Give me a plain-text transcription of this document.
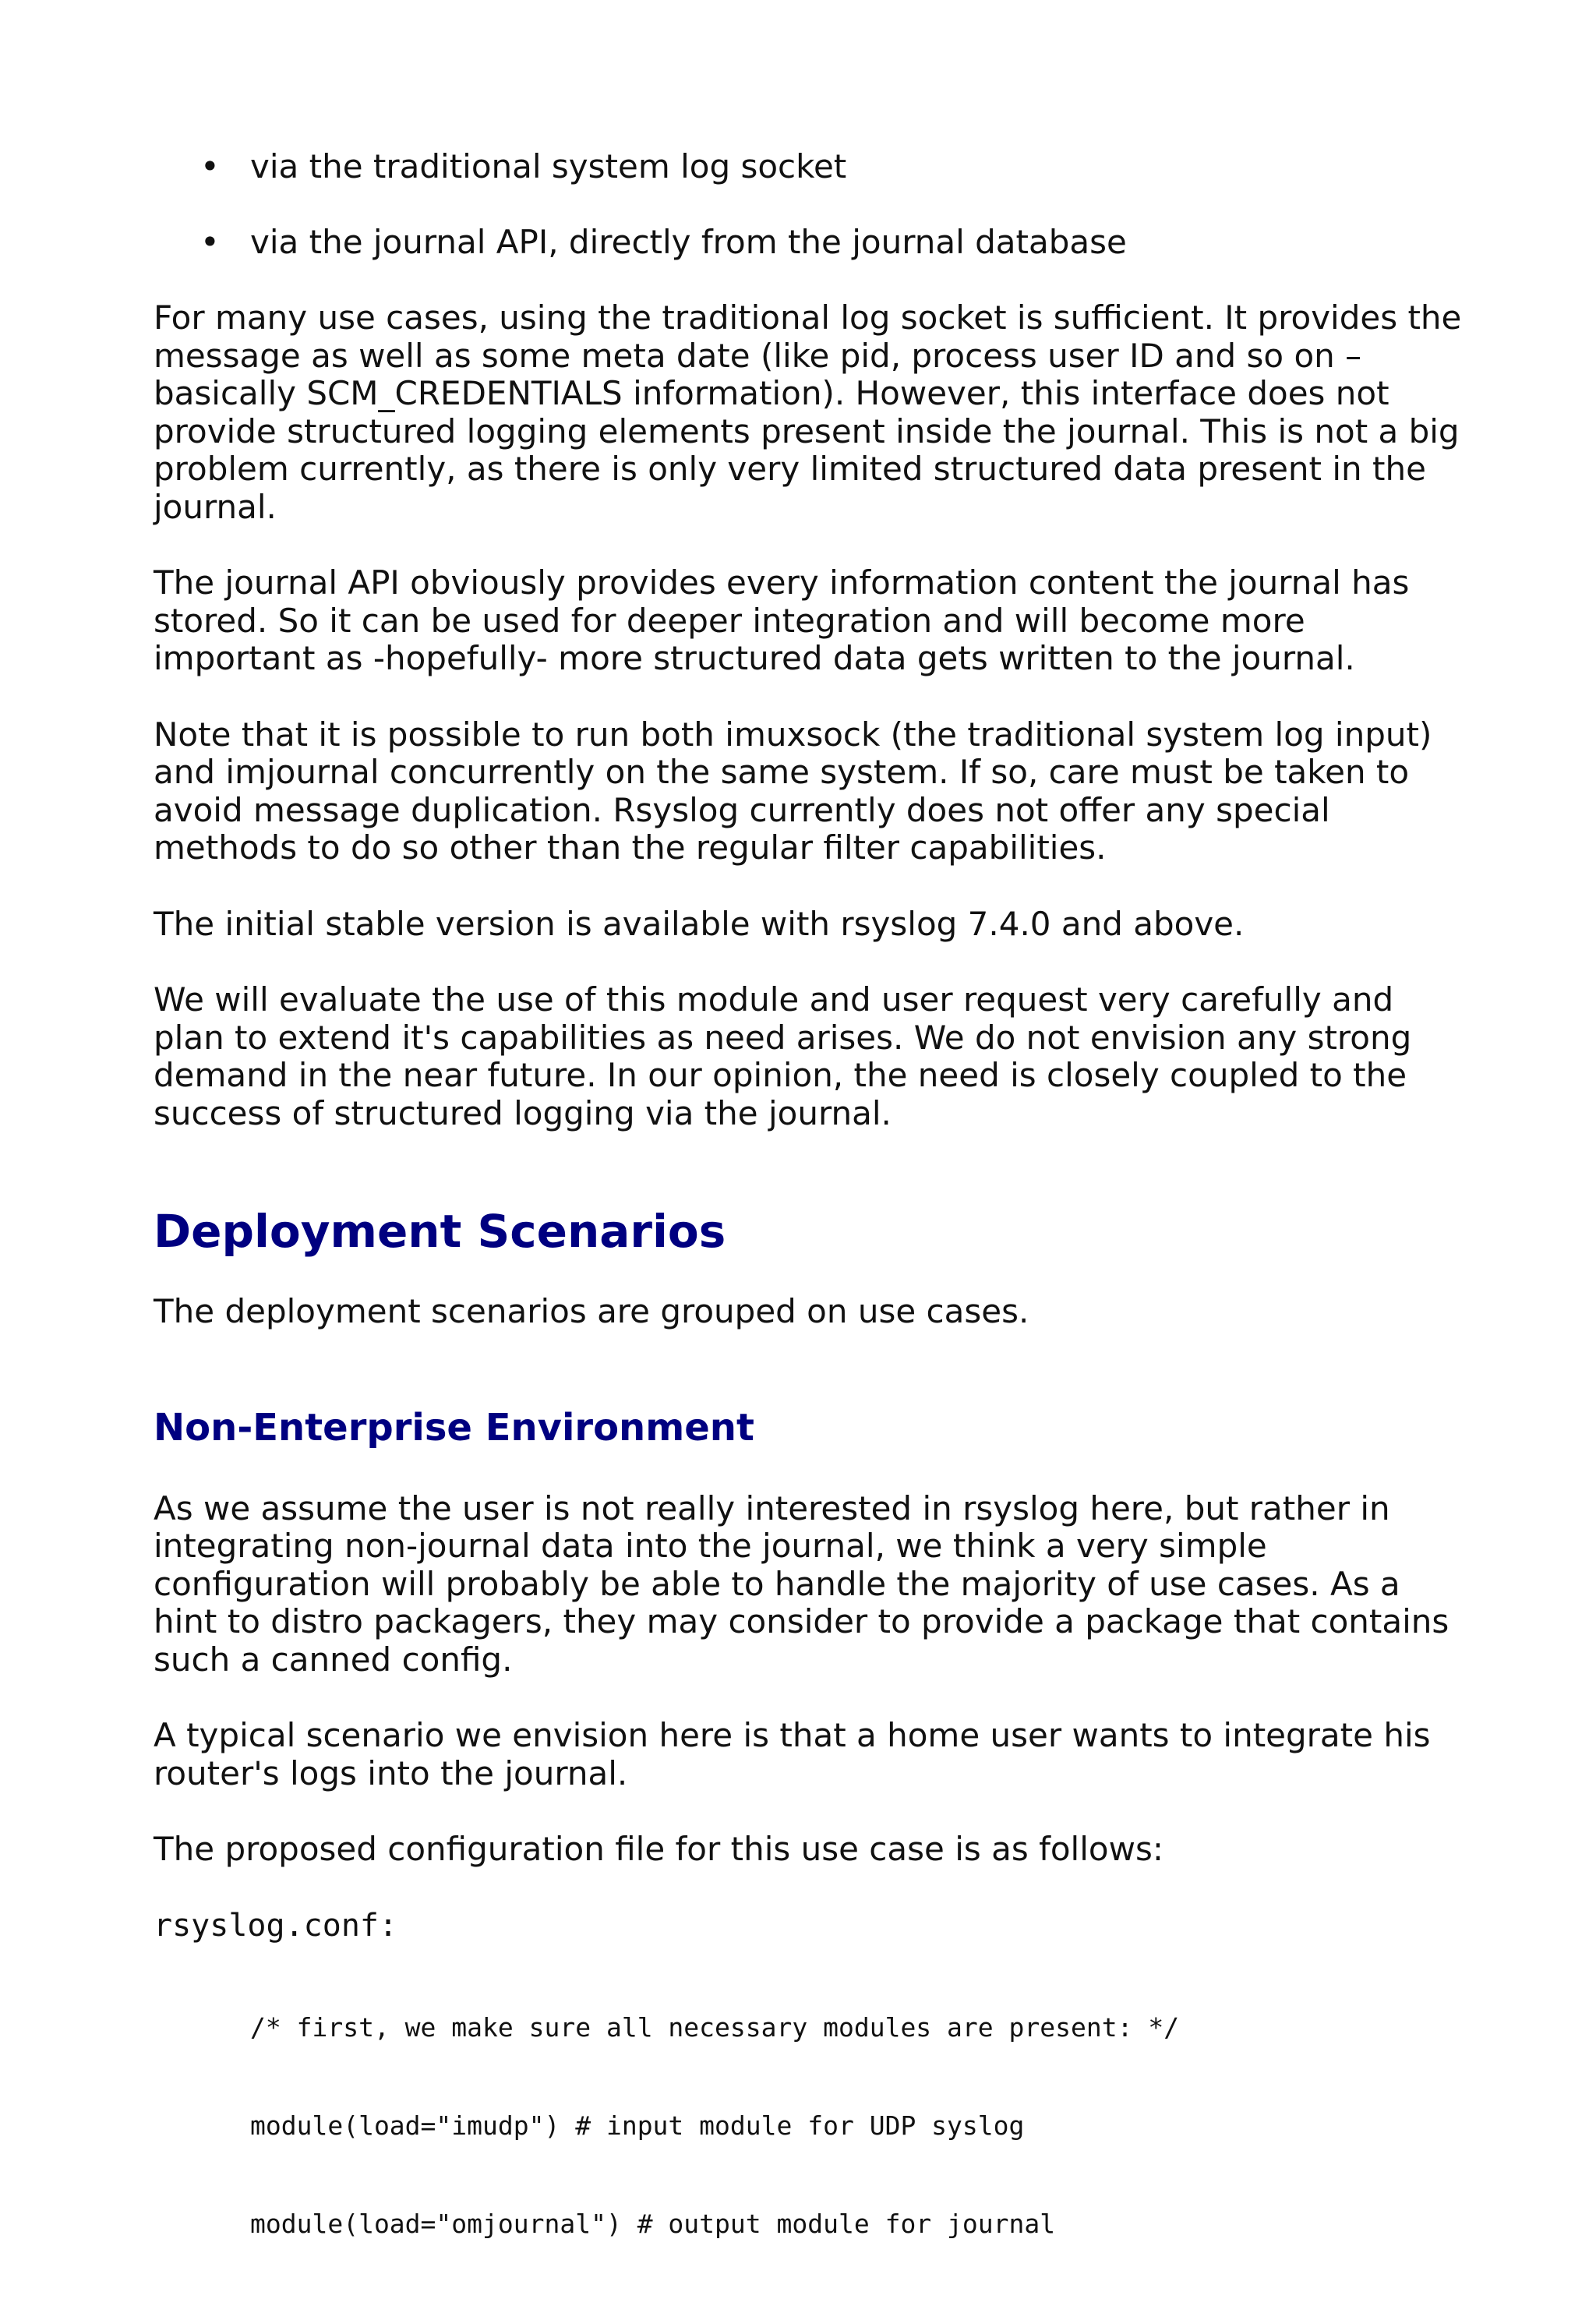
• via the traditional system log socket
• via the journal API, directly from the journal database

For many use cases, using the traditional log socket is sufficient. It provides the
message as well as some meta date (like pid, process user ID and so on –
basically SCM_CREDENTIALS information). However, this interface does not
provide structured logging elements present inside the journal. This is not a big
problem currently, as there is only very limited structured data present in the
journal.

The journal API obviously provides every information content the journal has
stored. So it can be used for deeper integration and will become more
important as -hopefully- more structured data gets written to the journal.

Note that it is possible to run both imuxsock (the traditional system log input)
and imjournal concurrently on the same system. If so, care must be taken to
avoid message duplication. Rsyslog currently does not offer any special
methods to do so other than the regular filter capabilities.

The initial stable version is available with rsyslog 7.4.0 and above.

We will evaluate the use of this module and user request very carefully and
plan to extend it's capabilities as need arises. We do not envision any strong
demand in the near future. In our opinion, the need is closely coupled to the
success of structured logging via the journal.

Deployment Scenarios

The deployment scenarios are grouped on use cases.

Non-Enterprise Environment

As we assume the user is not really interested in rsyslog here, but rather in
integrating non-journal data into the journal, we think a very simple
configuration will probably be able to handle the majority of use cases. As a
hint to distro packagers, they may consider to provide a package that contains
such a canned config.

A typical scenario we envision here is that a home user wants to integrate his
router's logs into the journal.

The proposed configuration file for this use case is as follows:

rsyslog.conf:

/* first, we make sure all necessary modules are present: */

module(load="imudp") # input module for UDP syslog

module(load="omjournal") # output module for journal
